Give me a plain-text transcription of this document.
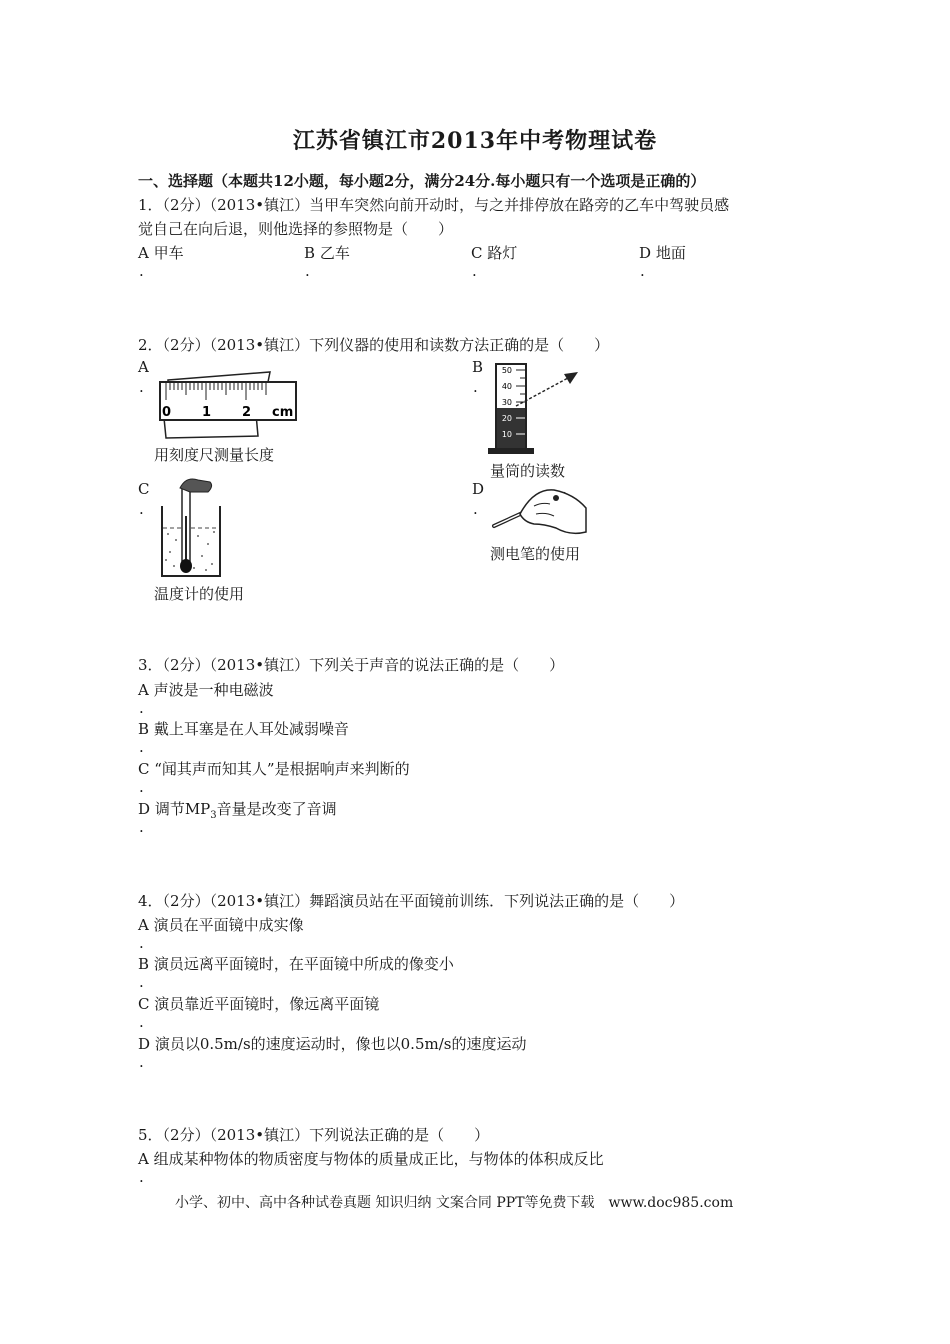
江苏省镇江市2013年中考物理试卷
一、选择题（本题共12小题，每小题2分，满分24分.每小题只有一个选项是正确的）
1．（2分）（2013•镇江）当甲车突然向前开动时，与之并排停放在路旁的乙车中驾驶员感
觉自己在向后退，则他选择的参照物是（　　）
A 甲车
.
B 乙车
.
C 路灯
.
D 地面
.
2．（2分）（2013•镇江）下列仪器的使用和读数方法正确的是（　　）
A
.
0 1 2 cm
用刻度尺测量长度
B
.
50
40
30
20
10
量筒的读数
C
.
温度计的使用
D
.
测电笔的使用
3．（2分）（2013•镇江）下列关于声音的说法正确的是（　　）
A 声波是一种电磁波
.
B 戴上耳塞是在人耳处减弱噪音
.
C “闻其声而知其人”是根据响声来判断的
.
D 调节$MP_3$音量是改变了音调
.
4．（2分）（2013•镇江）舞蹈演员站在平面镜前训练．下列说法正确的是（　　）
A 演员在平面镜中成实像
.
B 演员远离平面镜时，在平面镜中所成的像变小
.
C 演员靠近平面镜时，像远离平面镜
.
D 演员以0.5m/s的速度运动时，像也以0.5m/s的速度运动
.
5．（2分）（2013•镇江）下列说法正确的是（　　）
A 组成某种物体的物质密度与物体的质量成正比，与物体的体积成反比
.
小学、初中、高中各种试卷真题 知识归纳 文案合同 PPT等免费下载　www.doc985.com
